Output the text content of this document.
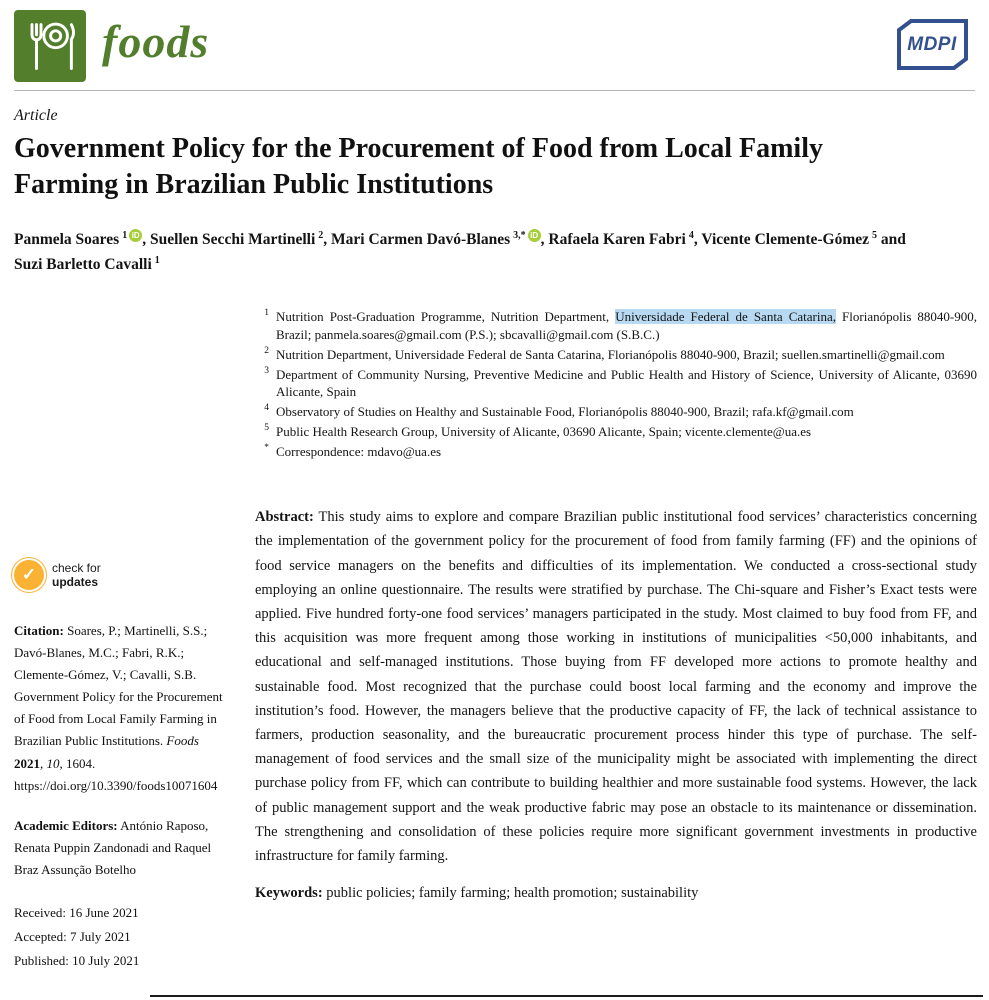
foods	MDPI
Article
Government Policy for the Procurement of Food from Local Family Farming in Brazilian Public Institutions
Panmela Soares $^1$ iD , Suellen Secchi Martinelli $^2$, Mari Carmen Davó-Blanes $^{3,*}$ iD , Rafaela Karen Fabri $^4$, Vicente Clemente-Gómez $^5$ and Suzi Barletto Cavalli $^1$
1 Nutrition Post-Graduation Programme, Nutrition Department, Universidade Federal de Santa Catarina, Florianópolis 88040-900, Brazil; panmela.soares@gmail.com (P.S.); sbcavalli@gmail.com (S.B.C.)
2 Nutrition Department, Universidade Federal de Santa Catarina, Florianópolis 88040-900, Brazil; suellen.smartinelli@gmail.com
3 Department of Community Nursing, Preventive Medicine and Public Health and History of Science, University of Alicante, 03690 Alicante, Spain
4 Observatory of Studies on Healthy and Sustainable Food, Florianópolis 88040-900, Brazil; rafa.kf@gmail.com
5 Public Health Research Group, University of Alicante, 03690 Alicante, Spain; vicente.clemente@ua.es
* Correspondence: mdavo@ua.es
Abstract: This study aims to explore and compare Brazilian public institutional food services’ characteristics concerning the implementation of the government policy for the procurement of food from family farming (FF) and the opinions of food service managers on the benefits and difficulties of its implementation. We conducted a cross-sectional study employing an online questionnaire. The results were stratified by purchase. The Chi-square and Fisher’s Exact tests were applied. Five hundred forty-one food services’ managers participated in the study. Most claimed to buy food from FF, and this acquisition was more frequent among those working in institutions of municipalities <50,000 inhabitants, and educational and self-managed institutions. Those buying from FF developed more actions to promote healthy and sustainable food. Most recognized that the purchase could boost local farming and the economy and improve the institution’s food. However, the managers believe that the productive capacity of FF, the lack of technical assistance to farmers, production seasonality, and the bureaucratic procurement process hinder this type of purchase. The self-management of food services and the small size of the municipality might be associated with implementing the direct purchase policy from FF, which can contribute to building healthier and more sustainable food systems. However, the lack of public management support and the weak productive fabric may pose an obstacle to its maintenance or dissemination. The strengthening and consolidation of these policies require more significant government investments in productive infrastructure for family farming.
Keywords: public policies; family farming; health promotion; sustainability
✓	check for
updates

Citation: Soares, P.; Martinelli, S.S.; Davó-Blanes, M.C.; Fabri, R.K.; Clemente-Gómez, V.; Cavalli, S.B. Government Policy for the Procurement of Food from Local Family Farming in Brazilian Public Institutions. Foods 2021, 10, 1604. https://doi.org/10.3390/foods10071604

Academic Editors: António Raposo, Renata Puppin Zandonadi and Raquel Braz Assunção Botelho

Received: 16 June 2021
Accepted: 7 July 2021
Published: 10 July 2021
